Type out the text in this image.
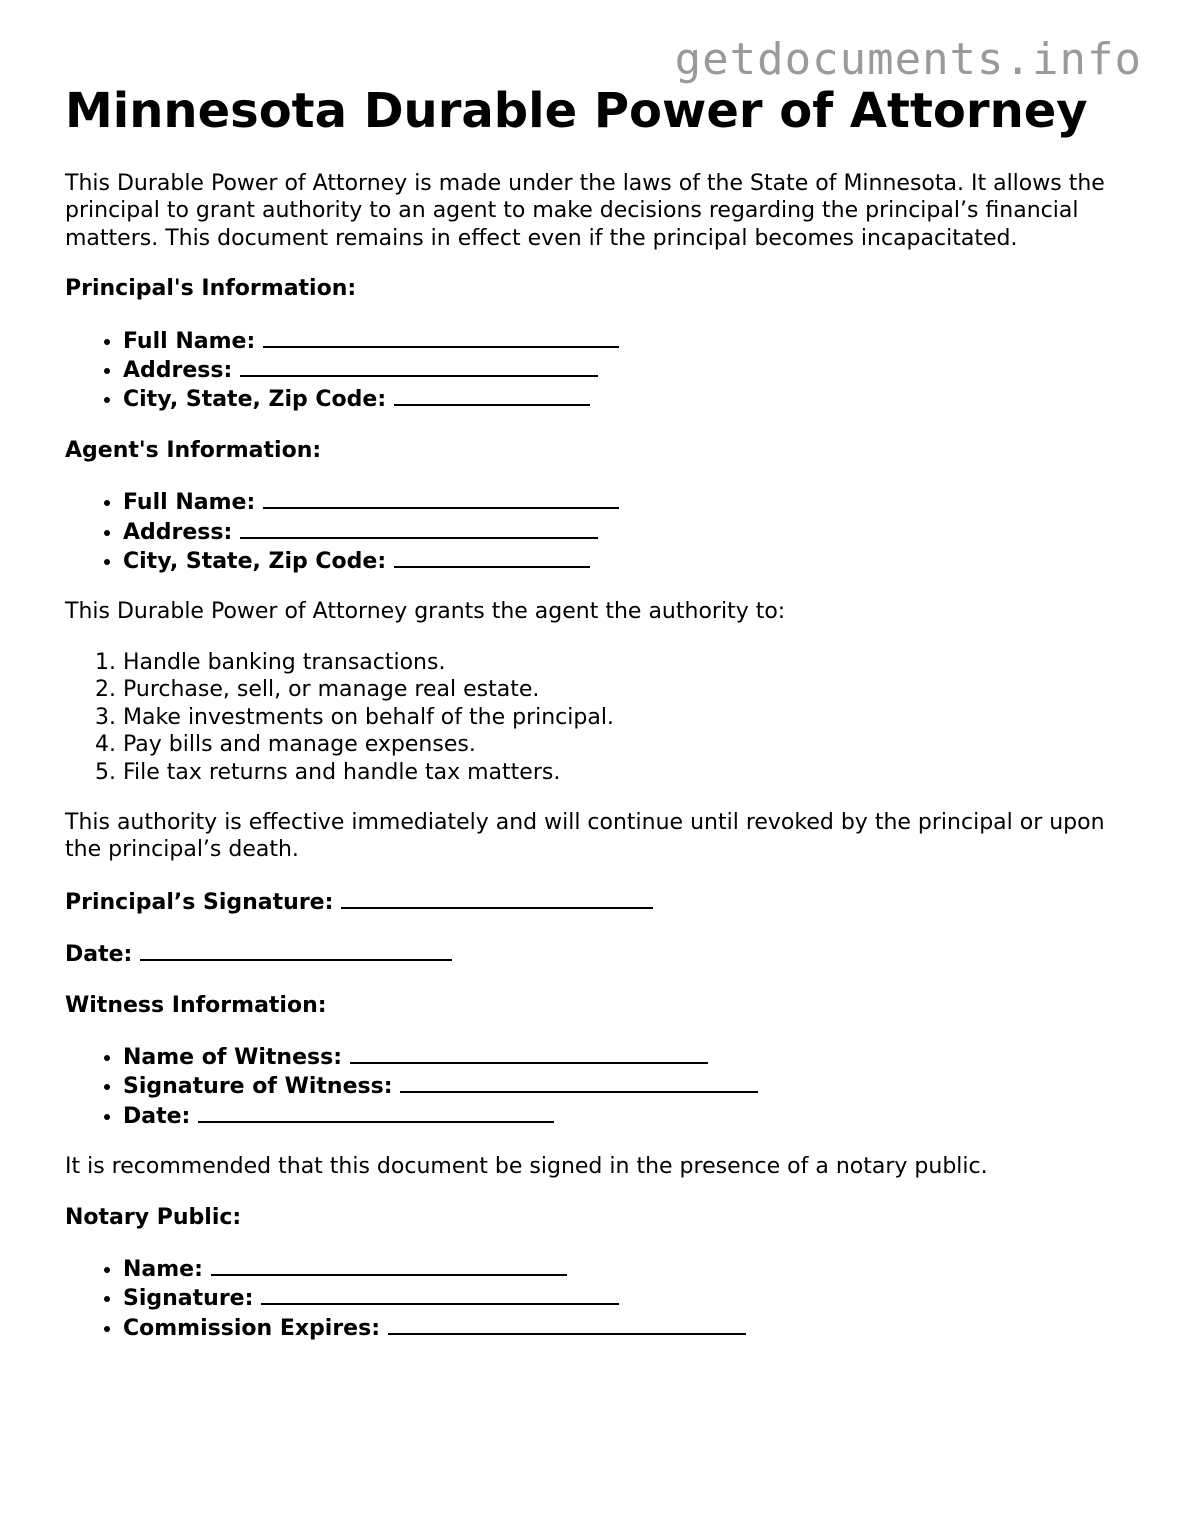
getdocuments.info
Minnesota Durable Power of Attorney

This Durable Power of Attorney is made under the laws of the State of Minnesota. It allows the principal to grant authority to an agent to make decisions regarding the principal’s financial matters. This document remains in effect even if the principal becomes incapacitated.

Principal's Information:

• Full Name:
• Address:
• City, State, Zip Code:

Agent's Information:

• Full Name:
• Address:
• City, State, Zip Code:

This Durable Power of Attorney grants the agent the authority to:

1. Handle banking transactions.
2. Purchase, sell, or manage real estate.
3. Make investments on behalf of the principal.
4. Pay bills and manage expenses.
5. File tax returns and handle tax matters.

This authority is effective immediately and will continue until revoked by the principal or upon the principal’s death.

Principal’s Signature:

Date:

Witness Information:

• Name of Witness:
• Signature of Witness:
• Date:

It is recommended that this document be signed in the presence of a notary public.

Notary Public:

• Name:
• Signature:
• Commission Expires:
